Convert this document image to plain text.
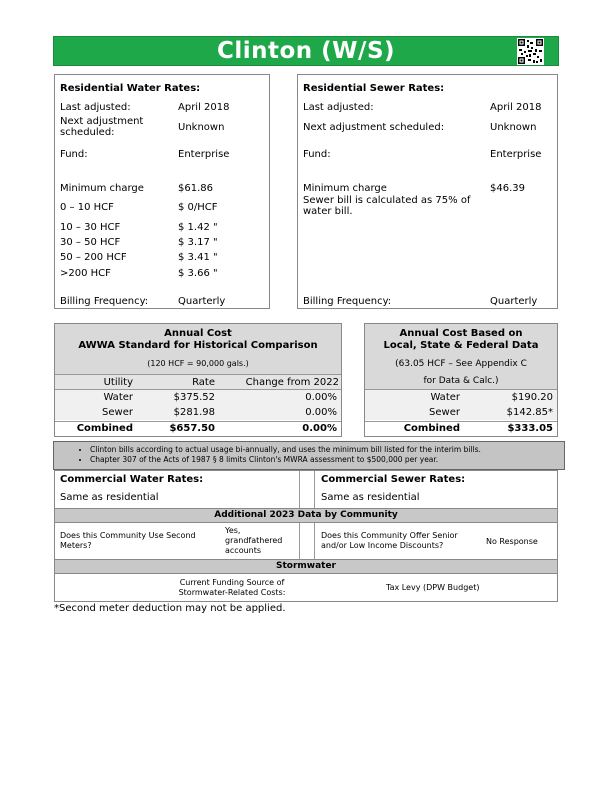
Clinton (W/S)
Residential Water Rates:
Last adjusted:	April 2018
Next adjustment scheduled:	Unknown
Fund:	Enterprise
Minimum charge	$61.86
0 – 10 HCF	$ 0/HCF
10 – 30 HCF	$ 1.42 "
30 – 50 HCF	$ 3.17 "
50 – 200 HCF	$ 3.41 "
>200 HCF	$ 3.66 "
Billing Frequency:	Quarterly
Residential Sewer Rates:
Last adjusted:	April 2018
Next adjustment scheduled:	Unknown
Fund:	Enterprise
Minimum charge	$46.39
Sewer bill is calculated as 75% of water bill.
Billing Frequency:	Quarterly
Annual Cost
AWWA Standard for Historical Comparison
(120 HCF = 90,000 gals.)
Utility	Rate	Change from 2022
Water	$375.52	0.00%
Sewer	$281.98	0.00%
Combined	$657.50	0.00%
Annual Cost Based on
Local, State & Federal Data
(63.05 HCF – See Appendix C
for Data & Calc.)
Water	$190.20
Sewer	$142.85*
Combined	$333.05
• Clinton bills according to actual usage bi-annually, and uses the minimum bill listed for the interim bills.
• Chapter 307 of the Acts of 1987 § 8 limits Clinton's MWRA assessment to $500,000 per year.
Commercial Water Rates:
Same as residential
Commercial Sewer Rates:
Same as residential
Additional 2023 Data by Community
Does this Community Use Second Meters?
Yes, grandfathered accounts
Does this Community Offer Senior and/or Low Income Discounts?	No Response
Stormwater
Current Funding Source of Stormwater-Related Costs:
Tax Levy (DPW Budget)
*Second meter deduction may not be applied.
